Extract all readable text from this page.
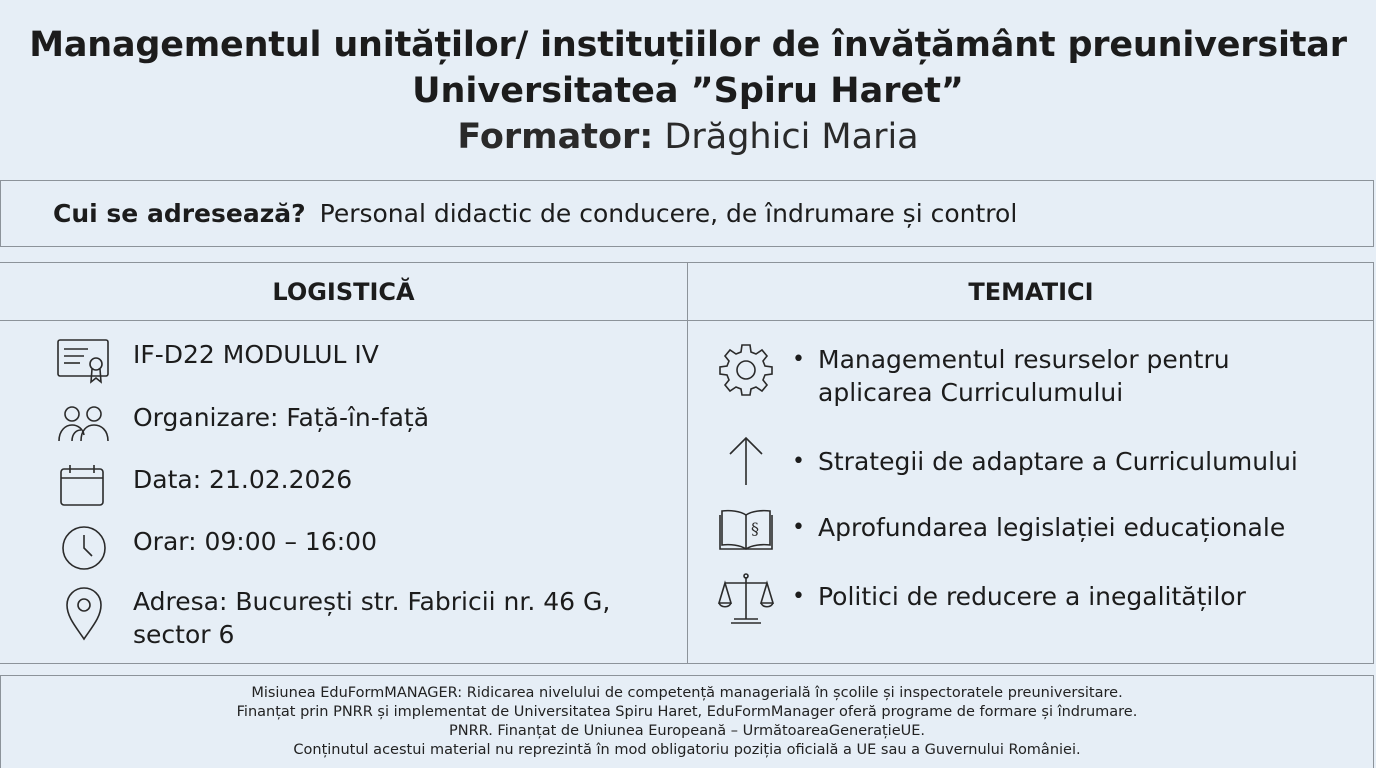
Managementul unităților/ instituțiilor de învățământ preuniversitar
Universitatea ”Spiru Haret”
Formator: Drăghici Maria
Cui se adresează? Personal didactic de conducere, de îndrumare și control
LOGISTICĂ	TEMATICI
IF-D22 MODULUL IV
Organizare: Față-în-față
Data: 21.02.2026
Orar: 09:00 – 16:00
Adresa: București str. Fabricii nr. 46 G, sector 6
• Managementul resurselor pentru aplicarea Curriculumului
• Strategii de adaptare a Curriculumului
§ • Aprofundarea legislației educaționale
• Politici de reducere a inegalităților
Misiunea EduFormMANAGER: Ridicarea nivelului de competență managerială în școlile și inspectoratele preuniversitare.
Finanțat prin PNRR și implementat de Universitatea Spiru Haret, EduFormManager oferă programe de formare și îndrumare.
PNRR. Finanțat de Uniunea Europeană – UrmătoareaGenerațieUE.
Conținutul acestui material nu reprezintă în mod obligatoriu poziția oficială a UE sau a Guvernului României.
